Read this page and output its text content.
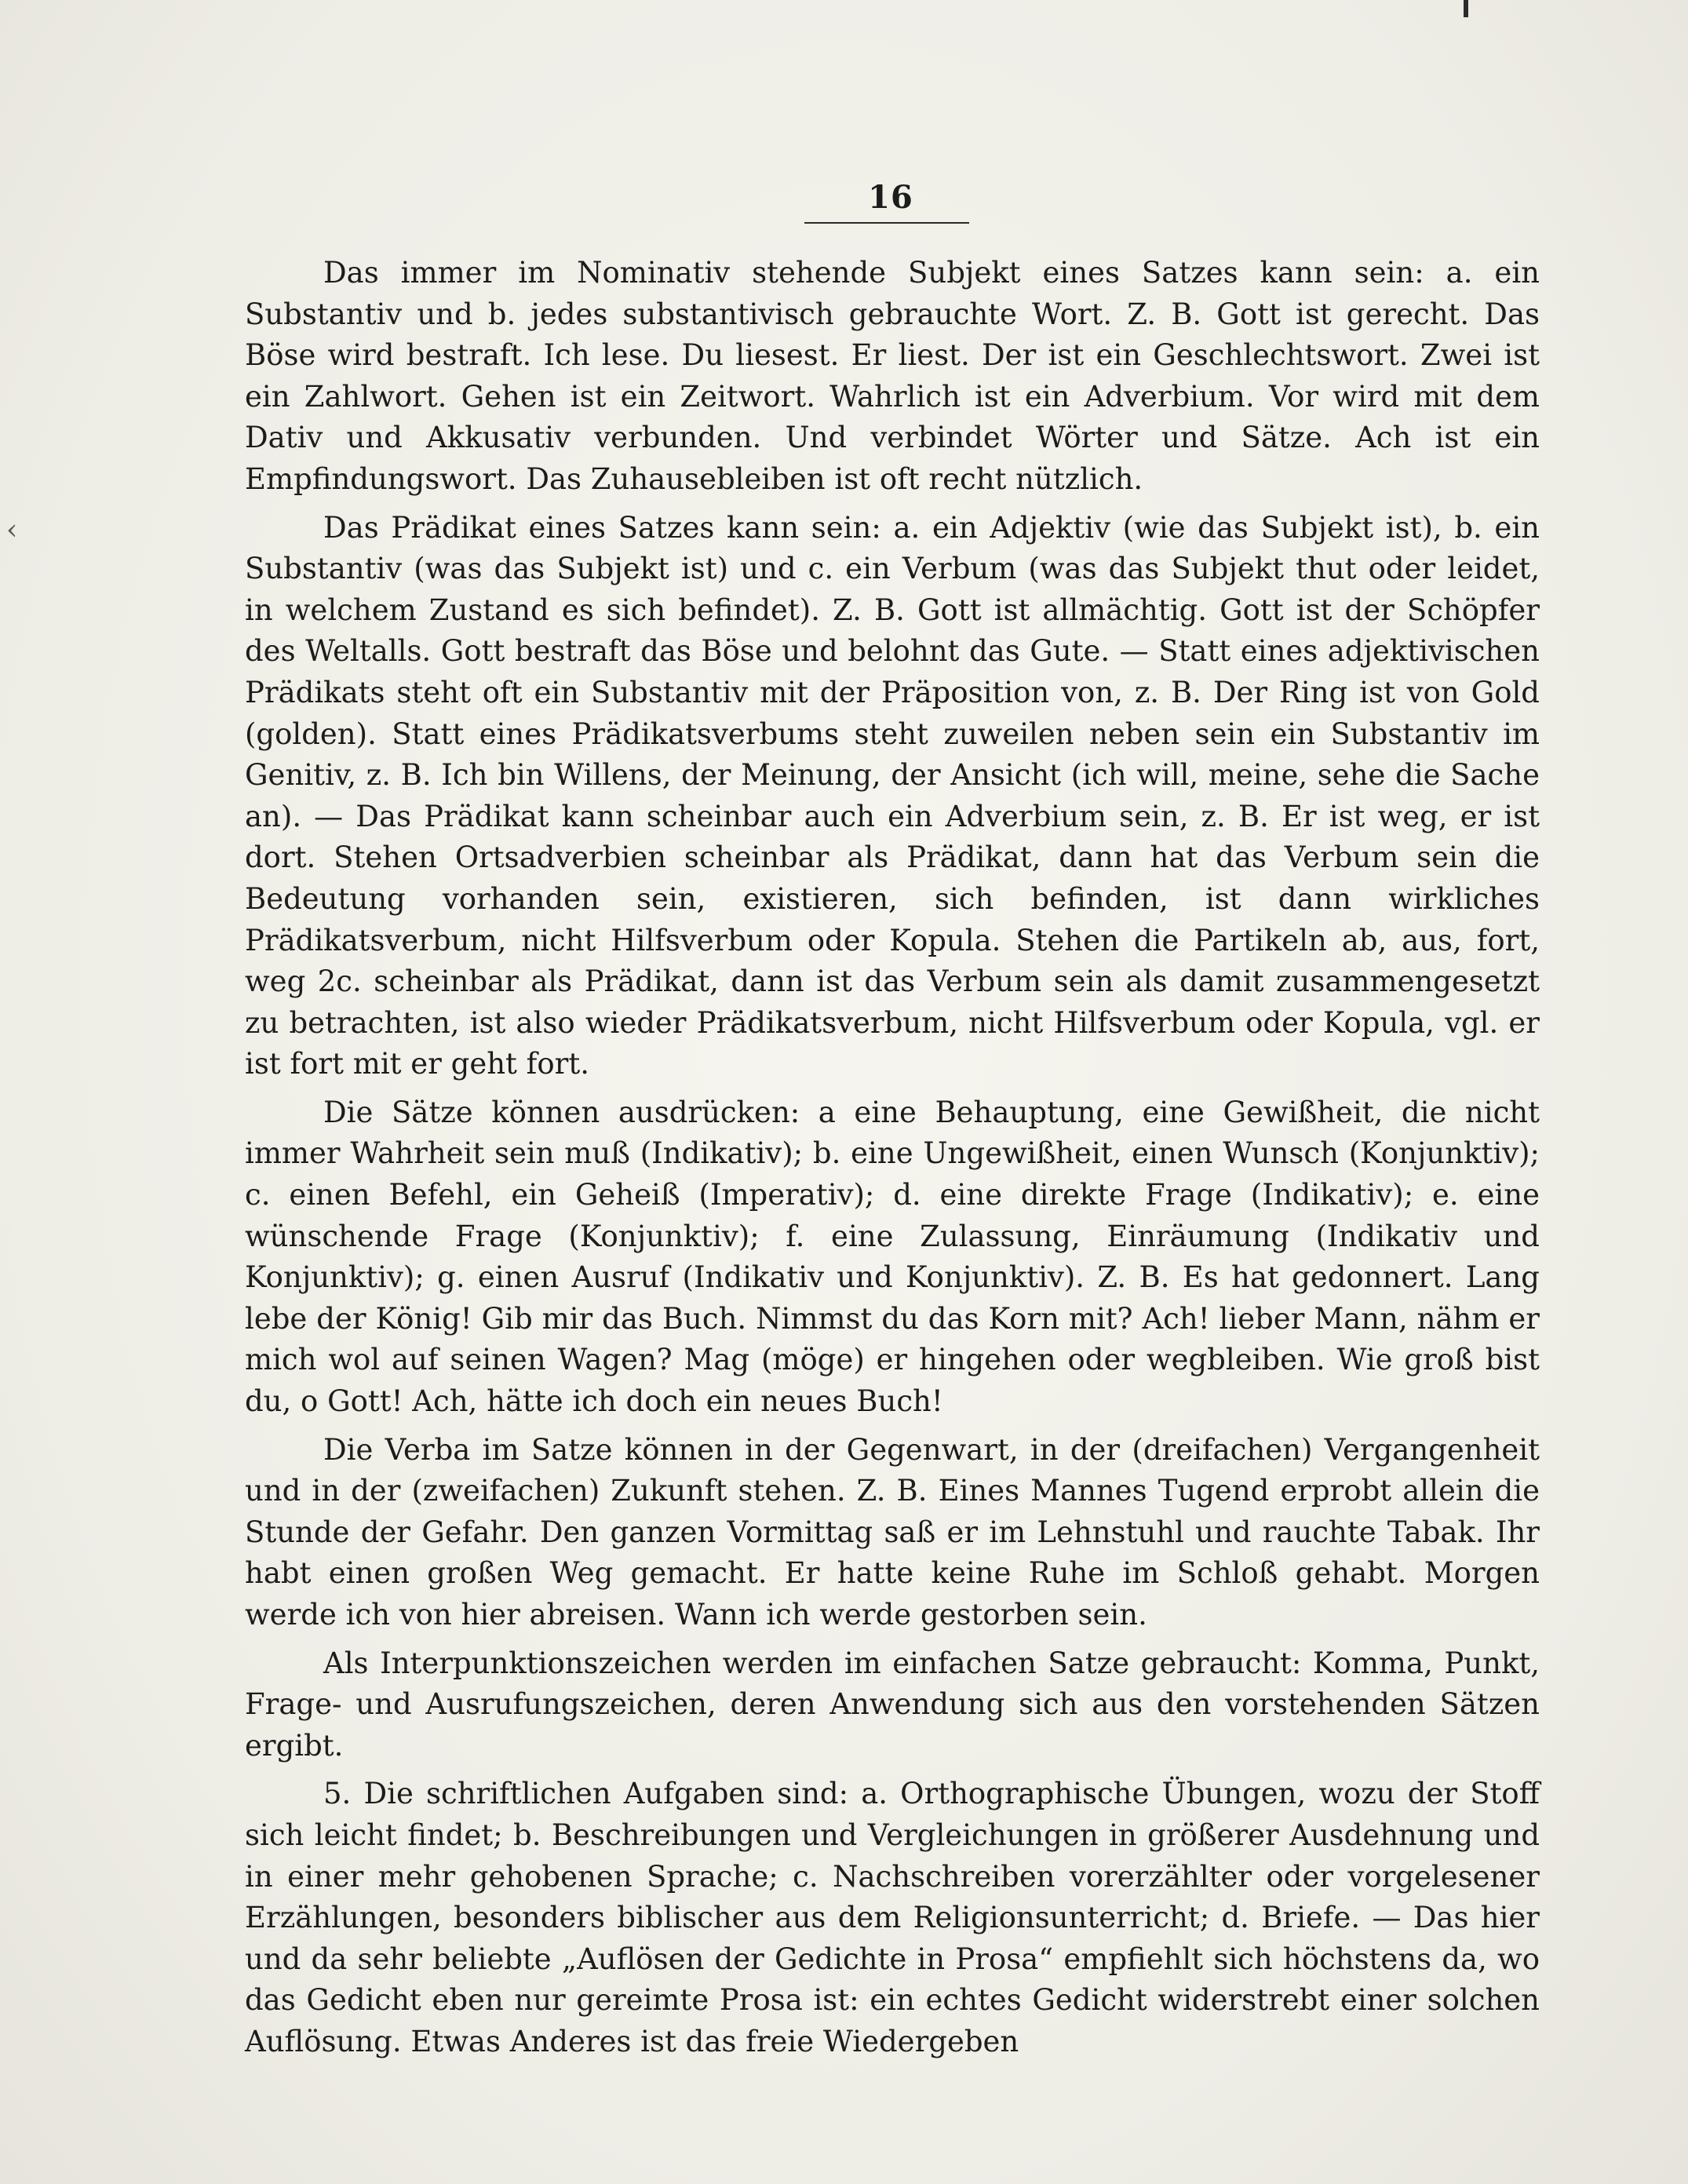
‹
16

Das immer im Nominativ stehende Subjekt eines Satzes kann sein: a. ein Substantiv und b. jedes substantivisch gebrauchte Wort. Z. B. Gott ist gerecht. Das Böse wird bestraft. Ich lese. Du liesest. Er liest. Der ist ein Geschlechtswort. Zwei ist ein Zahlwort. Gehen ist ein Zeitwort. Wahrlich ist ein Adverbium. Vor wird mit dem Dativ und Akkusativ verbunden. Und verbindet Wörter und Sätze. Ach ist ein Empfindungswort. Das Zuhausebleiben ist oft recht nützlich.

Das Prädikat eines Satzes kann sein: a. ein Adjektiv (wie das Subjekt ist), b. ein Substantiv (was das Subjekt ist) und c. ein Verbum (was das Subjekt thut oder leidet, in welchem Zustand es sich befindet). Z. B. Gott ist allmächtig. Gott ist der Schöpfer des Weltalls. Gott bestraft das Böse und belohnt das Gute. — Statt eines adjektivischen Prädikats steht oft ein Substantiv mit der Präposition von, z. B. Der Ring ist von Gold (golden). Statt eines Prädikatsverbums steht zuweilen neben sein ein Substantiv im Genitiv, z. B. Ich bin Willens, der Meinung, der Ansicht (ich will, meine, sehe die Sache an). — Das Prädikat kann scheinbar auch ein Adverbium sein, z. B. Er ist weg, er ist dort. Stehen Ortsadverbien scheinbar als Prädikat, dann hat das Verbum sein die Bedeutung vorhanden sein, existieren, sich befinden, ist dann wirkliches Prädikatsverbum, nicht Hilfsverbum oder Kopula. Stehen die Partikeln ab, aus, fort, weg 2c. scheinbar als Prädikat, dann ist das Verbum sein als damit zusammengesetzt zu betrachten, ist also wieder Prädikatsverbum, nicht Hilfsverbum oder Kopula, vgl. er ist fort mit er geht fort.

Die Sätze können ausdrücken: a eine Behauptung, eine Gewißheit, die nicht immer Wahrheit sein muß (Indikativ); b. eine Ungewißheit, einen Wunsch (Konjunktiv); c. einen Befehl, ein Geheiß (Imperativ); d. eine direkte Frage (Indikativ); e. eine wünschende Frage (Konjunktiv); f. eine Zulassung, Einräumung (Indikativ und Konjunktiv); g. einen Ausruf (Indikativ und Konjunktiv). Z. B. Es hat gedonnert. Lang lebe der König! Gib mir das Buch. Nimmst du das Korn mit? Ach! lieber Mann, nähm er mich wol auf seinen Wagen? Mag (möge) er hingehen oder wegbleiben. Wie groß bist du, o Gott! Ach, hätte ich doch ein neues Buch!

Die Verba im Satze können in der Gegenwart, in der (dreifachen) Vergangenheit und in der (zweifachen) Zukunft stehen. Z. B. Eines Mannes Tugend erprobt allein die Stunde der Gefahr. Den ganzen Vormittag saß er im Lehnstuhl und rauchte Tabak. Ihr habt einen großen Weg gemacht. Er hatte keine Ruhe im Schloß gehabt. Morgen werde ich von hier abreisen. Wann ich werde gestorben sein.

Als Interpunktionszeichen werden im einfachen Satze gebraucht: Komma, Punkt, Frage- und Ausrufungszeichen, deren Anwendung sich aus den vorstehenden Sätzen ergibt.

5. Die schriftlichen Aufgaben sind: a. Orthographische Übungen, wozu der Stoff sich leicht findet; b. Beschreibungen und Vergleichungen in größerer Ausdehnung und in einer mehr gehobenen Sprache; c. Nachschreiben vorerzählter oder vorgelesener Erzählungen, besonders biblischer aus dem Religionsunterricht; d. Briefe. — Das hier und da sehr beliebte „Auflösen der Gedichte in Prosa“ empfiehlt sich höchstens da, wo das Gedicht eben nur gereimte Prosa ist: ein echtes Gedicht widerstrebt einer solchen Auflösung. Etwas Anderes ist das freie Wiedergeben
